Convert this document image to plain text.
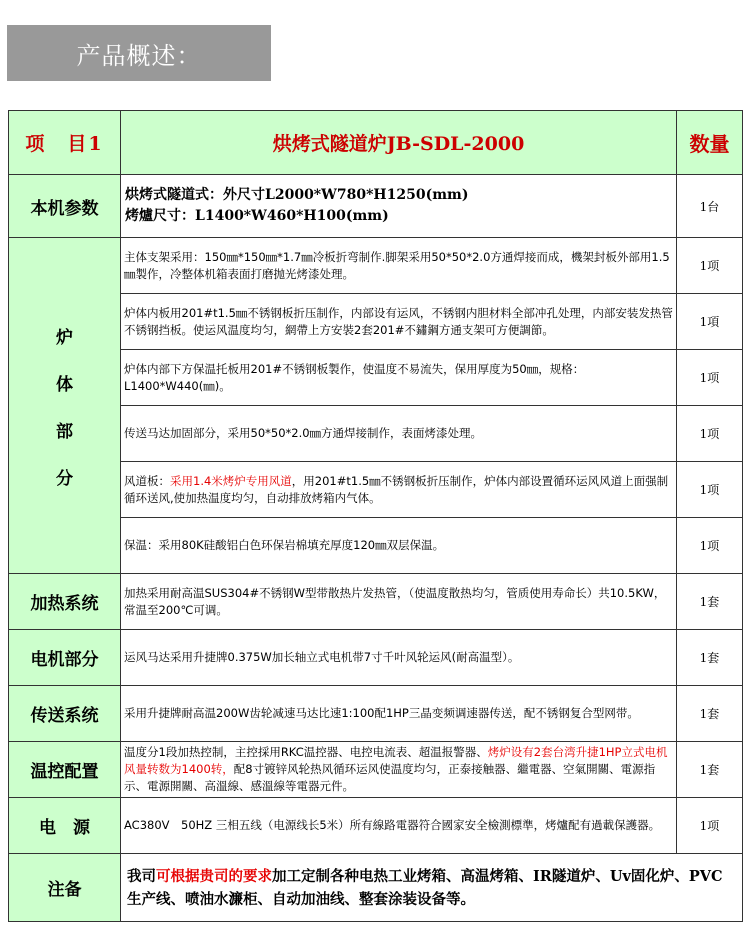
产品概述：
项　目1	烘烤式隧道炉JB-SDL-2000	数量
本机参数	烘烤式隧道式：外尺寸L2000*W780*H1250(mm)
烤爐尺寸：L1400*W460*H100(mm)	1台

炉
体
部
分	主体支架采用：150㎜*150㎜*1.7㎜冷板折弯制作.脚架采用50*50*2.0方通焊接而成，機架封板外部用1.5㎜製作，冷整体机箱表面打磨抛光烤漆处理。	1项
	炉体内板用201#t1.5㎜不锈钢板折压制作，内部设有运风，不锈钢内胆材料全部冲孔处理，内部安装发热管不锈钢挡板。使运风温度均匀，網帶上方安裝2套201#不鏽鋼方通支架可方便調節。	1項
	炉体内部下方保温托板用201#不锈钢板製作，使温度不易流失，保用厚度为50㎜，规格：L1400*W440(㎜)。	1项
	传送马达加固部分，采用50*50*2.0㎜方通焊接制作，表面烤漆处理。	1项
	风道板：采用1.4米烤炉专用风道，用201#t1.5㎜不锈钢板折压制作，炉体内部设置循环运风风道上面强制循环送风,使加热温度均匀，自动排放烤箱内气体。	1项
	保温：采用80K硅酸铝白色环保岩棉填充厚度120㎜双层保温。	1项
加热系统	加热采用耐高温SUS304#不锈钢W型带散热片发热管，（使温度散热均匀，管质使用寿命长）共10.5KW，常温至200℃可调。	1套
电机部分	运风马达采用升捷牌0.375W加长轴立式电机带7寸千叶风轮运风(耐高温型）。	1套
传送系统	采用升捷牌耐高温200W齿轮减速马达比速1:100配1HP三晶变频调速器传送，配不锈钢复合型网带。	1套
温控配置	温度分1段加热控制，主控採用RKC温控器、电控电流表、超温报警器、烤炉设有2套台湾升捷1HP立式电机风量转数为1400转，配8寸镀锌风轮热风循环运风使温度均匀，正泰接触器、繼電器、空氣開關、電源指示、電源開關、高溫線、感溫線等電器元件。	1套
电　源	AC380V　50HZ 三相五线（电源线长5米）所有線路電器符合國家安全檢測標準，烤爐配有過載保護器。	1项
注备	我司可根据贵司的要求加工定制各种电热工业烤箱、高温烤箱、IR隧道炉、Uv固化炉、PVC生产线、喷油水濂柜、自动加油线、整套涂装设备等。	
